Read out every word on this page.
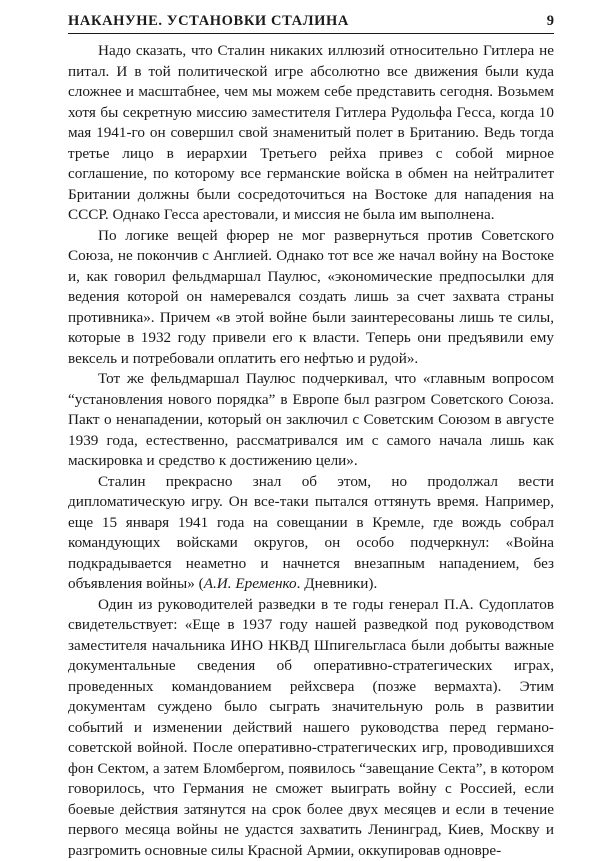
НАКАНУНЕ. УСТАНОВКИ СТАЛИНА	9

Надо сказать, что Сталин никаких иллюзий относительно Гитлера не питал. И в той политической игре абсолютно все движения были куда сложнее и масштабнее, чем мы можем себе представить сегодня. Возьмем хотя бы секретную миссию заместителя Гитлера Рудольфа Гесса, когда 10 мая 1941-го он совершил свой знаменитый полет в Британию. Ведь тогда третье лицо в иерархии Третьего рейха привез с собой мирное соглашение, по которому все германские войска в обмен на нейтралитет Британии должны были сосредоточиться на Востоке для нападения на СССР. Однако Гесса арестовали, и миссия не была им выполнена.

По логике вещей фюрер не мог развернуться против Советского Союза, не покончив с Англией. Однако тот все же начал войну на Востоке и, как говорил фельдмаршал Паулюс, «экономические предпосылки для ведения которой он намеревался создать лишь за счет захвата страны противника». Причем «в этой войне были заинтересованы лишь те силы, которые в 1932 году привели его к власти. Теперь они предъявили ему вексель и потребовали оплатить его нефтью и рудой».

Тот же фельдмаршал Паулюс подчеркивал, что «главным вопросом “установления нового порядка” в Европе был разгром Советского Союза. Пакт о ненападении, который он заключил с Советским Союзом в августе 1939 года, естественно, рассматривался им с самого начала лишь как маскировка и средство к достижению цели».

Сталин прекрасно знал об этом, но продолжал вести дипломатическую игру. Он все-таки пытался оттянуть время. Например, еще 15 января 1941 года на совещании в Кремле, где вождь собрал командующих войсками округов, он особо подчеркнул: «Война подкрадывается неаметно и начнется внезапным нападением, без объявления войны» (А.И. Еременко. Дневники).

Один из руководителей разведки в те годы генерал П.А. Судоплатов свидетельствует: «Еще в 1937 году нашей разведкой под руководством заместителя начальника ИНО НКВД Шпигельгласа были добыты важные документальные сведения об оперативно-стратегических играх, проведенных командованием рейхсвера (позже вермахта). Этим документам суждено было сыграть значительную роль в развитии событий и изменении действий нашего руководства перед германо-советской войной. После оперативно-стратегических игр, проводившихся фон Сектом, а затем Бломбергом, появилось “завещание Секта”, в котором говорилось, что Германия не сможет выиграть войну с Россией, если боевые действия затянутся на срок более двух месяцев и если в течение первого месяца войны не удастся захватить Ленинград, Киев, Москву и разгромить основные силы Красной Армии, оккупировав одновре-
